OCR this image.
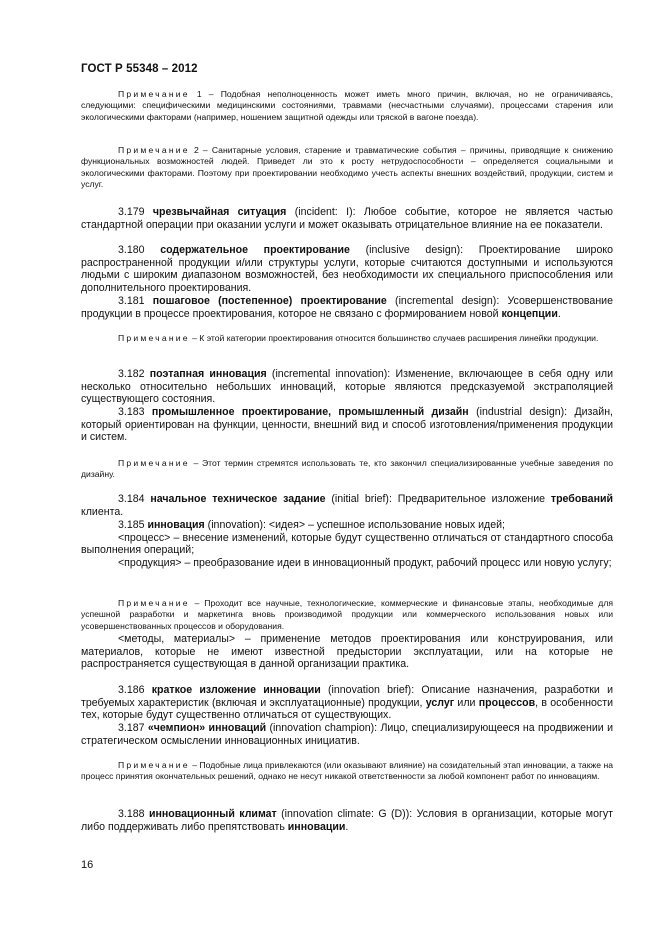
ГОСТ Р 55348 – 2012
Примечание 1 – Подобная неполноценность может иметь много причин, включая, но не ограничиваясь, следующими: специфическими медицинскими состояниями, травмами (несчастными случаями), процессами старения или экологическими факторами (например, ношением защитной одежды или тряской в вагоне поезда).
Примечание 2 – Санитарные условия, старение и травматические события – причины, приводящие к снижению функциональных возможностей людей. Приведет ли это к росту нетрудоспособности – определяется социальными и экологическими факторами. Поэтому при проектировании необходимо учесть аспекты внешних воздействий, продукции, систем и услуг.
3.179 чрезвычайная ситуация (incident: I): Любое событие, которое не является частью стандартной операции при оказании услуги и может оказывать отрицательное влияние на ее показатели.
3.180 содержательное проектирование (inclusive design): Проектирование широко распространенной продукции и/или структуры услуги, которые считаются доступными и используются людьми с широким диапазоном возможностей, без необходимости их специального приспособления или дополнительного проектирования.
3.181 пошаговое (постепенное) проектирование (incremental design): Усовершенствование продукции в процессе проектирования, которое не связано с формированием новой концепции.
Примечание – К этой категории проектирования относится большинство случаев расширения линейки продукции.
3.182 поэтапная инновация (incremental innovation): Изменение, включающее в себя одну или несколько относительно небольших инноваций, которые являются предсказуемой экстраполяцией существующего состояния.
3.183 промышленное проектирование, промышленный дизайн (industrial design): Дизайн, который ориентирован на функции, ценности, внешний вид и способ изготовления/применения продукции и систем.
Примечание – Этот термин стремятся использовать те, кто закончил специализированные учебные заведения по дизайну.
3.184 начальное техническое задание (initial brief): Предварительное изложение требований клиента.

3.185 инновация (innovation): <идея> – успешное использование новых идей;

<процесс> – внесение изменений, которые будут существенно отличаться от стандартного способа выполнения операций;

<продукция> – преобразование идеи в инновационный продукт, рабочий процесс или новую услугу;

Примечание – Проходит все научные, технологические, коммерческие и финансовые этапы, необходимые для успешной разработки и маркетинга вновь производимой продукции или коммерческого использования новых или усовершенствованных процессов и оборудования.

<методы, материалы> – применение методов проектирования или конструирования, или материалов, которые не имеют известной предыстории эксплуатации, или на которые не распространяется существующая в данной организации практика.

3.186 краткое изложение инновации (innovation brief): Описание назначения, разработки и требуемых характеристик (включая и эксплуатационные) продукции, услуг или процессов, в особенности тех, которые будут существенно отличаться от существующих.
3.187 «чемпион» инноваций (innovation champion): Лицо, специализирующееся на продвижении и стратегическом осмыслении инновационных инициатив.
Примечание – Подобные лица привлекаются (или оказывают влияние) на созидательный этап инновации, а также на процесс принятия окончательных решений, однако не несут никакой ответственности за любой компонент работ по инновациям.
3.188 инновационный климат (innovation climate: G (D)): Условия в организации, которые могут либо поддерживать либо препятствовать инновации.
16
